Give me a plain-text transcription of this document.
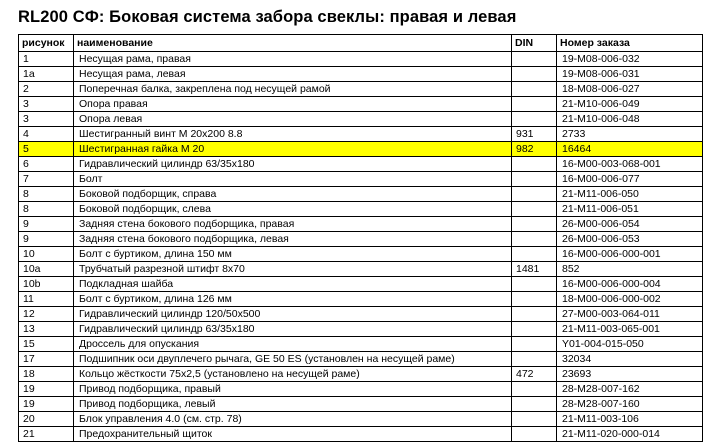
RL200 СФ: Боковая система забора свеклы: правая и левая
рисунок	наименование	DIN	Номер заказа
1	Несущая рама, правая		19-M08-006-032
1a	Несущая рама, левая		19-M08-006-031
2	Поперечная балка, закреплена под несущей рамой		18-M08-006-027
3	Опора правая		21-M10-006-049
3	Опора левая		21-M10-006-048
4	Шестигранный винт M 20x200 8.8	931	2733
5	Шестигранная гайка M 20	982	16464
6	Гидравлический цилиндр 63/35x180		16-M00-003-068-001
7	Болт		16-M00-006-077
8	Боковой подборщик, справа		21-M11-006-050
8	Боковой подборщик, слева		21-M11-006-051
9	Задняя стена бокового подборщика, правая		26-M00-006-054
9	Задняя стена бокового подборщика, левая		26-M00-006-053
10	Болт с буртиком, длина 150 мм		16-M00-006-000-001
10a	Трубчатый разрезной штифт 8x70	1481	852
10b	Подкладная шайба		16-M00-006-000-004
11	Болт с буртиком, длина 126 мм		18-M00-006-000-002
12	Гидравлический цилиндр 120/50x500		27-M00-003-064-011
13	Гидравлический цилиндр 63/35x180		21-M11-003-065-001
15	Дроссель для опускания		Y01-004-015-050
17	Подшипник оси двуплечего рычага, GE 50 ES (установлен на несущей раме)		32034
18	Кольцо жёсткости 75x2,5 (установлено на несущей раме)	472	23693
19	Привод подборщика, правый		28-M28-007-162
19	Привод подборщика, левый		28-M28-007-160
20	Блок управления 4.0 (см. стр. 78)		21-M11-003-106
21	Предохранительный щиток		21-M11-020-000-014
